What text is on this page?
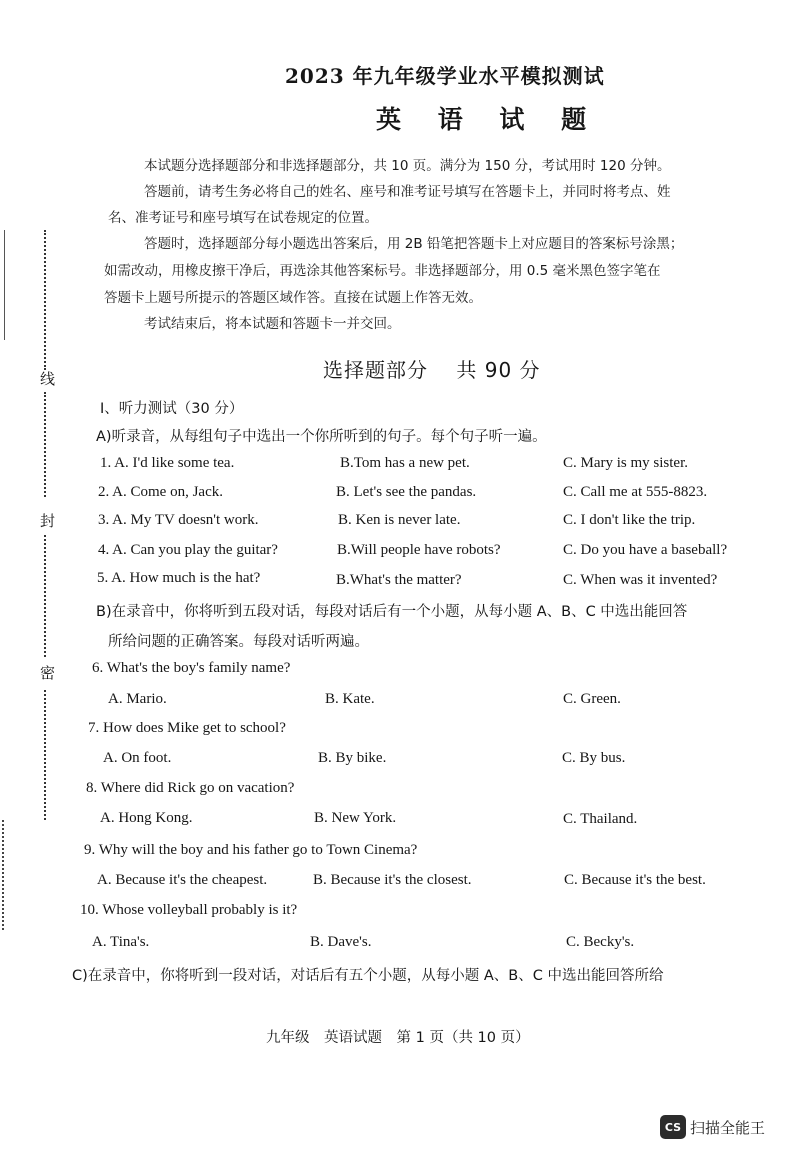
线
封
密
2023 年九年级学业水平模拟测试
英 语 试 题
本试题分选择题部分和非选择题部分，共 10 页。满分为 150 分，考试用时 120 分钟。
答题前，请考生务必将自己的姓名、座号和准考证号填写在答题卡上，并同时将考点、姓
名、准考证号和座号填写在试卷规定的位置。
答题时，选择题部分每小题选出答案后，用 2B 铅笔把答题卡上对应题目的答案标号涂黑；
如需改动，用橡皮擦干净后，再选涂其他答案标号。非选择题部分，用 0.5 毫米黑色签字笔在
答题卡上题号所提示的答题区域作答。直接在试题上作答无效。
考试结束后，将本试题和答题卡一并交回。
选择题部分　 共 90 分
I、听力测试（30 分）
A)听录音，从每组句子中选出一个你所听到的句子。每个句子听一遍。
1. A. I'd like some tea.	B.Tom has a new pet.	C. Mary is my sister.
2. A. Come on, Jack.	B. Let's see the pandas.	C. Call me at 555-8823.
3. A. My TV doesn't work.	B. Ken is never late.	C. I don't like the trip.
4. A. Can you play the guitar?	B.Will people have robots?	C. Do you have a baseball?
5. A. How much is the hat?	B.What's the matter?	C. When was it invented?
B)在录音中，你将听到五段对话，每段对话后有一个小题，从每小题 A、B、C 中选出能回答
所给问题的正确答案。每段对话听两遍。
6. What's the boy's family name?
A. Mario.	B. Kate.	C. Green.
7. How does Mike get to school?
A. On foot.	B. By bike.	C. By bus.
8. Where did Rick go on vacation?
A. Hong Kong.	B. New York.	C. Thailand.
9. Why will the boy and his father go to Town Cinema?
A. Because it's the cheapest.	B. Because it's the closest.	C. Because it's the best.
10. Whose volleyball probably is it?
A. Tina's.	B. Dave's.	C. Becky's.
C)在录音中，你将听到一段对话，对话后有五个小题，从每小题 A、B、C 中选出能回答所给
九年级　英语试题　第 1 页（共 10 页）
CS 扫描全能王
